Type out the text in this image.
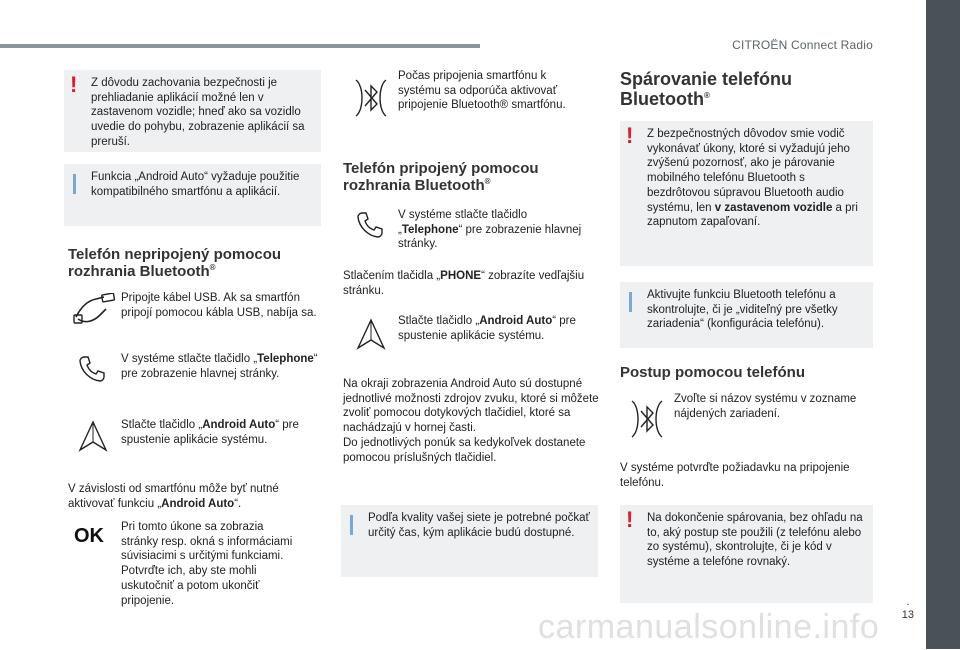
CITROËN Connect Radio
.
13
! Z dôvodu zachovania bezpečnosti je prehliadanie aplikácií možné len v zastavenom vozidle; hneď ako sa vozidlo uvedie do pohybu, zobrazenie aplikácií sa preruší.
Funkcia „Android Auto“ vyžaduje použitie kompatibilného smartfónu a aplikácií.
Telefón nepripojený pomocou
rozhrania Bluetooth®
Pripojte kábel USB. Ak sa smartfón pripojí pomocou kábla USB, nabíja sa.
V systéme stlačte tlačidlo „Telephone“ pre zobrazenie hlavnej stránky.
Stlačte tlačidlo „Android Auto“ pre spustenie aplikácie systému.
V závislosti od smartfónu môže byť nutné aktivovať funkciu „Android Auto“.
OK Pri tomto úkone sa zobrazia stránky resp. okná s informáciami súvisiacimi s určitými funkciami. Potvrďte ich, aby ste mohli uskutočniť a potom ukončiť pripojenie.
Počas pripojenia smartfónu k systému sa odporúča aktivovať pripojenie Bluetooth® smartfónu.
Telefón pripojený pomocou
rozhrania Bluetooth®
V systéme stlačte tlačidlo „Telephone“ pre zobrazenie hlavnej stránky.
Stlačením tlačidla „PHONE“ zobrazíte vedľajšiu stránku.
Stlačte tlačidlo „Android Auto“ pre spustenie aplikácie systému.
Na okraji zobrazenia Android Auto sú dostupné jednotlivé možnosti zdrojov zvuku, ktoré si môžete zvoliť pomocou dotykových tlačidiel, ktoré sa nachádzajú v hornej časti.
Do jednotlivých ponúk sa kedykoľvek dostanete pomocou príslušných tlačidiel.
Podľa kvality vašej siete je potrebné počkať určitý čas, kým aplikácie budú dostupné.
Spárovanie telefónu
Bluetooth®
! Z bezpečnostných dôvodov smie vodič vykonávať úkony, ktoré si vyžadujú jeho zvýšenú pozornosť, ako je párovanie mobilného telefónu Bluetooth s bezdrôtovou súpravou Bluetooth audio systému, len v zastavenom vozidle a pri zapnutom zapaľovaní.
Aktivujte funkciu Bluetooth telefónu a skontrolujte, či je „viditeľný pre všetky zariadenia“ (konfigurácia telefónu).
Postup pomocou telefónu
Zvoľte si názov systému v zozname nájdených zariadení.
V systéme potvrďte požiadavku na pripojenie telefónu.
! Na dokončenie spárovania, bez ohľadu na to, aký postup ste použili (z telefónu alebo zo systému), skontrolujte, či je kód v systéme a telefóne rovnaký.
carmanualsonline.info
